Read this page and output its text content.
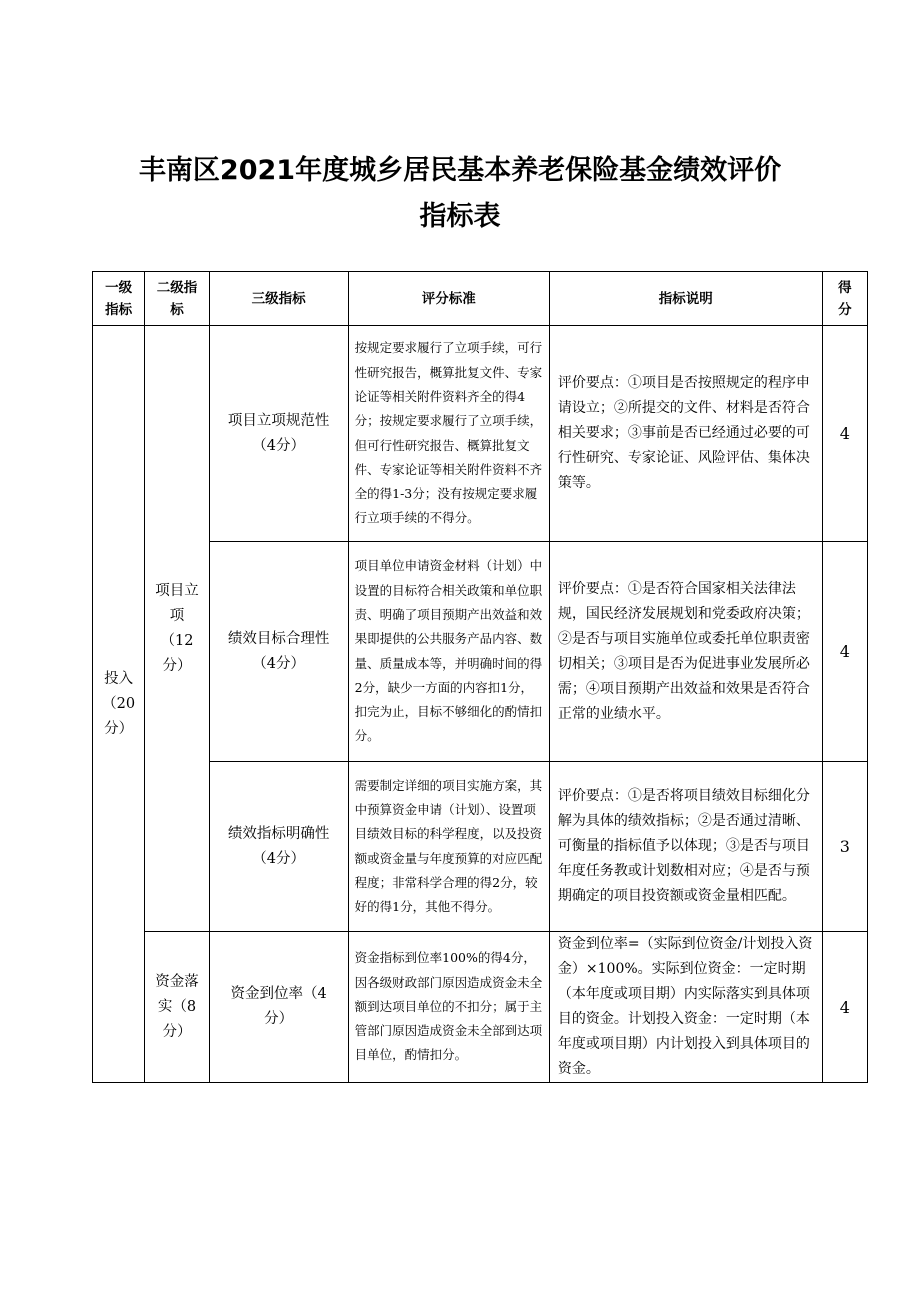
丰南区2021年度城乡居民基本养老保险基金绩效评价
指标表
一级指标	二级指标	三级指标	评分标准	指标说明	得分

投入（20分）	项目立项（12分）	项目立项规范性（4分）	按规定要求履行了立项手续，可行性研究报告，概算批复文件、专家论证等相关附件资料齐全的得4分；按规定要求履行了立项手续，但可行性研究报告、概算批复文件、专家论证等相关附件资料不齐全的得1-3分；没有按规定要求履行立项手续的不得分。	评价要点：①项目是否按照规定的程序申请设立；②所提交的文件、材料是否符合相关要求；③事前是否已经通过必要的可行性研究、专家论证、风险评估、集体决策等。	4

		绩效目标合理性（4分）	项目单位申请资金材料（计划）中设置的目标符合相关政策和单位职责、明确了项目预期产出效益和效果即提供的公共服务产品内容、数量、质量成本等，并明确时间的得2分，缺少一方面的内容扣1分，扣完为止，目标不够细化的酌情扣分。	评价要点：①是否符合国家相关法律法规，国民经济发展规划和党委政府决策；②是否与项目实施单位或委托单位职责密切相关；③项目是否为促进事业发展所必需；④项目预期产出效益和效果是否符合正常的业绩水平。	4

		绩效指标明确性（4分）	需要制定详细的项目实施方案，其中预算资金申请（计划）、设置项目绩效目标的科学程度，以及投资额或资金量与年度预算的对应匹配程度；非常科学合理的得2分，较好的得1分，其他不得分。	评价要点：①是否将项目绩效目标细化分解为具体的绩效指标；②是否通过清晰、可衡量的指标值予以体现；③是否与项目年度任务教或计划数相对应；④是否与预期确定的项目投资额或资金量相匹配。	3

	资金落实（8分）	资金到位率（4分）	资金指标到位率100%的得4分，因各级财政部门原因造成资金未全额到达项目单位的不扣分；属于主管部门原因造成资金未全部到达项目单位，酌情扣分。	资金到位率=（实际到位资金/计划投入资金）×100%。实际到位资金：一定时期（本年度或项目期）内实际落实到具体项目的资金。计划投入资金：一定时期（本年度或项目期）内计划投入到具体项目的资金。	4
